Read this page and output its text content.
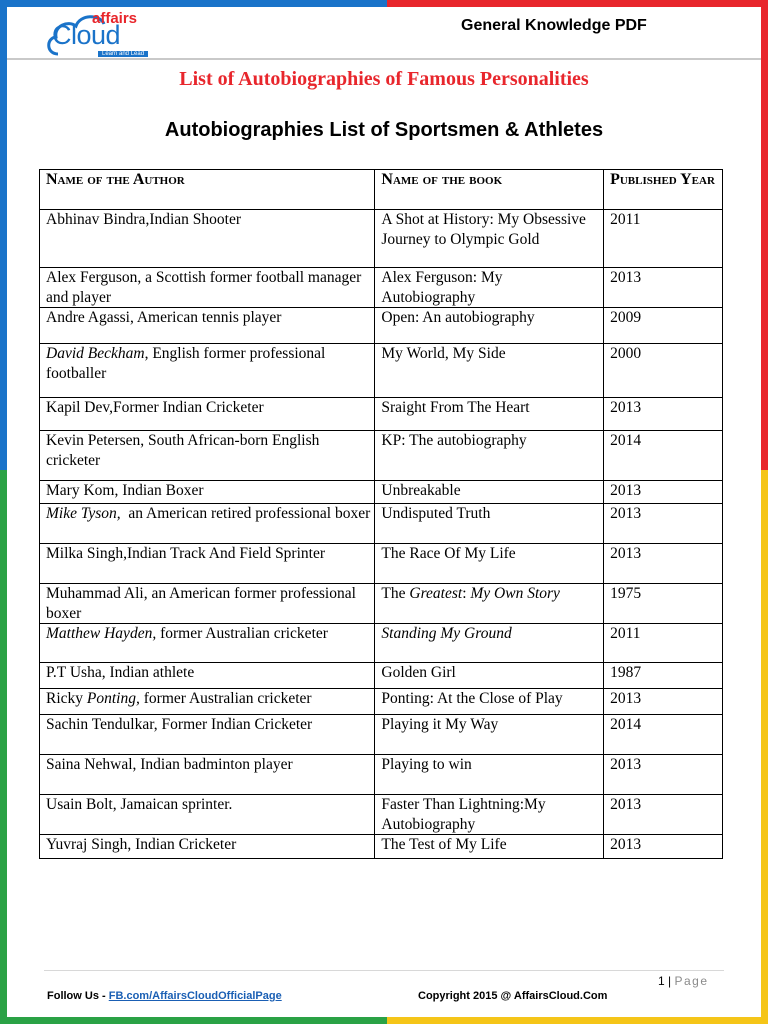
affairs
Cloud
Learn and Lead
General Knowledge PDF
List of Autobiographies of Famous Personalities
Autobiographies List of Sportsmen & Athletes
Name of the Author	Name of the book	Published Year
Abhinav Bindra,Indian Shooter	A Shot at History: My Obsessive Journey to Olympic Gold	2011
Alex Ferguson, a Scottish former football manager and player	Alex Ferguson: My Autobiography	2013
Andre Agassi, American tennis player	Open: An autobiography	2009
David Beckham, English former professional footballer	My World, My Side	2000
Kapil Dev,Former Indian Cricketer	Sraight From The Heart	2013
Kevin Petersen, South African-born English cricketer	KP: The autobiography	2014
Mary Kom, Indian Boxer	Unbreakable	2013
Mike Tyson,  an American retired professional boxer	Undisputed Truth	2013
Milka Singh,Indian Track And Field Sprinter	The Race Of My Life	2013
Muhammad Ali, an American former professional boxer	The Greatest: My Own Story	1975
Matthew Hayden, former Australian cricketer	Standing My Ground	2011
P.T Usha, Indian athlete	Golden Girl	1987
Ricky Ponting, former Australian cricketer	Ponting: At the Close of Play	2013
Sachin Tendulkar, Former Indian Cricketer	Playing it My Way	2014
Saina Nehwal, Indian badminton player	Playing to win	2013
Usain Bolt, Jamaican sprinter.	Faster Than Lightning:My Autobiography	2013
Yuvraj Singh, Indian Cricketer	The Test of My Life	2013
1 | Page
Follow Us - FB.com/AffairsCloudOfficialPage	Copyright 2015 @ AffairsCloud.Com
